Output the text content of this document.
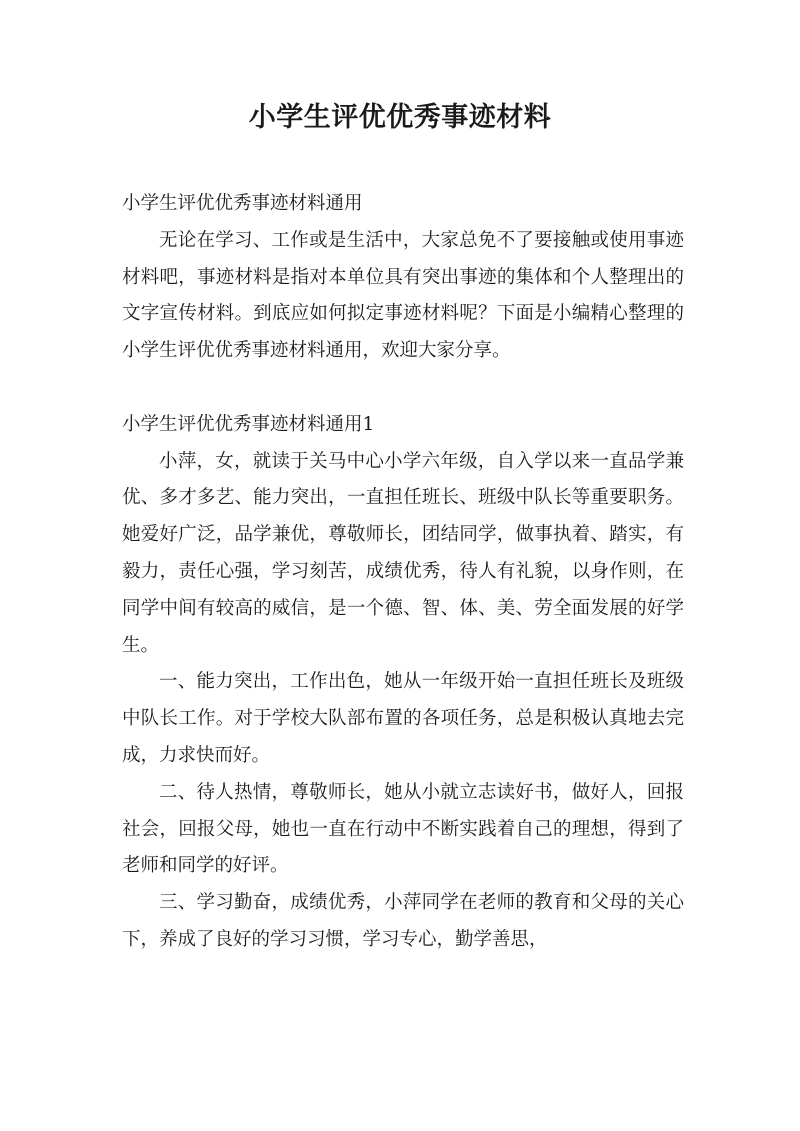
小学生评优优秀事迹材料

小学生评优优秀事迹材料通用

无论在学习、工作或是生活中，大家总免不了要接触或使用事迹材料吧，事迹材料是指对本单位具有突出事迹的集体和个人整理出的文字宣传材料。到底应如何拟定事迹材料呢？下面是小编精心整理的小学生评优优秀事迹材料通用，欢迎大家分享。

小学生评优优秀事迹材料通用1

小萍，女，就读于关马中心小学六年级，自入学以来一直品学兼优、多才多艺、能力突出，一直担任班长、班级中队长等重要职务。她爱好广泛，品学兼优，尊敬师长，团结同学，做事执着、踏实，有毅力，责任心强，学习刻苦，成绩优秀，待人有礼貌，以身作则，在同学中间有较高的威信，是一个德、智、体、美、劳全面发展的好学生。

一、能力突出，工作出色，她从一年级开始一直担任班长及班级中队长工作。对于学校大队部布置的各项任务，总是积极认真地去完成，力求快而好。

二、待人热情，尊敬师长，她从小就立志读好书，做好人，回报社会，回报父母，她也一直在行动中不断实践着自己的理想，得到了老师和同学的好评。

三、学习勤奋，成绩优秀，小萍同学在老师的教育和父母的关心下，养成了良好的学习习惯，学习专心，勤学善思，
